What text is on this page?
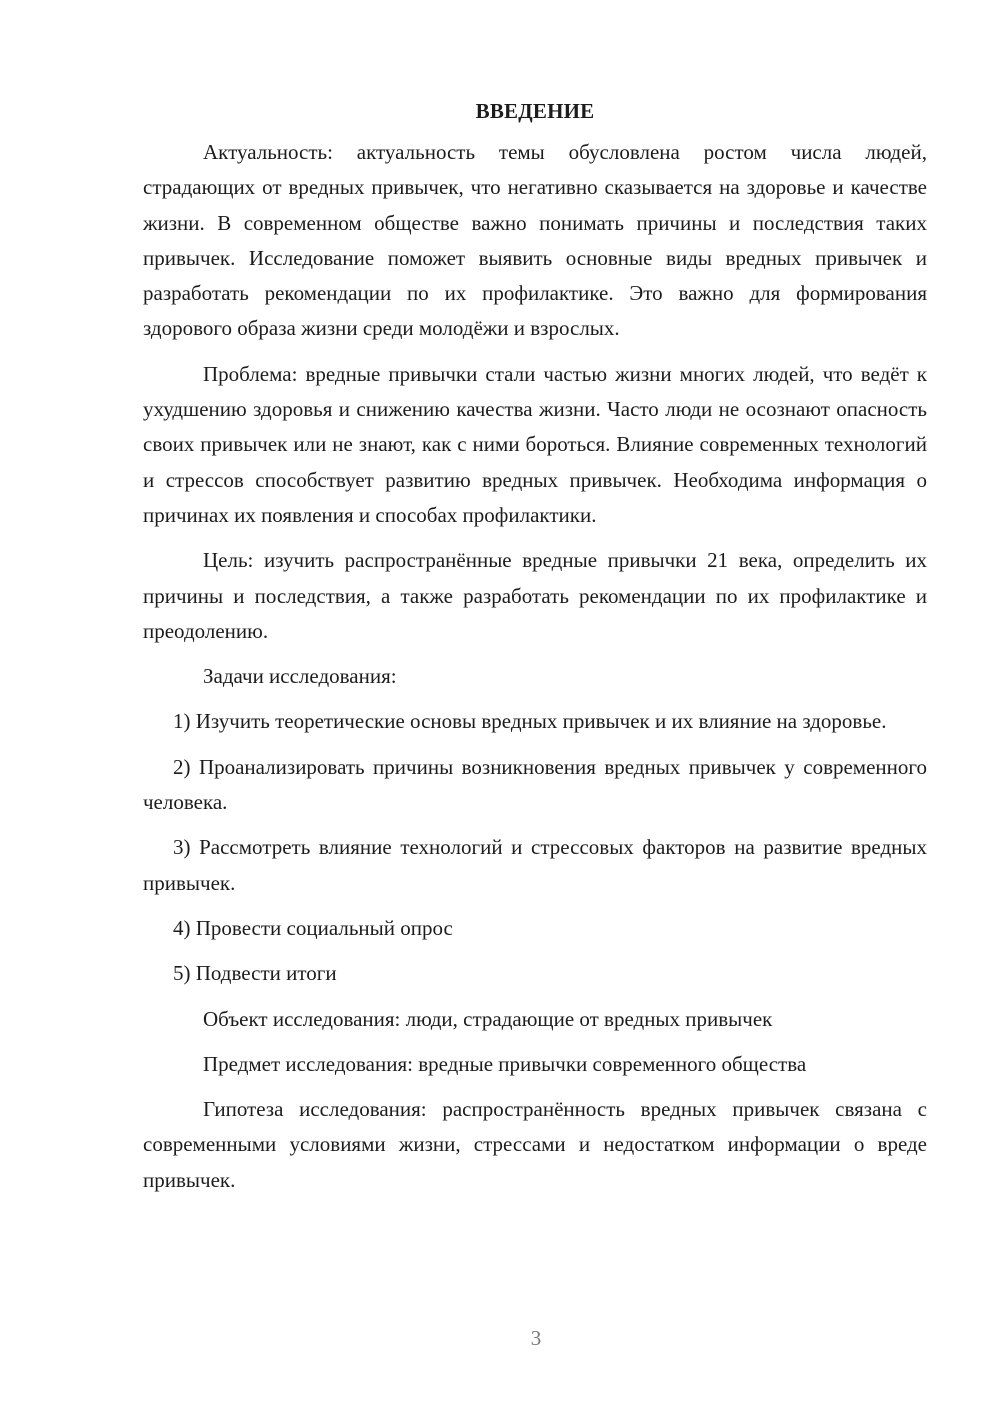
ВВЕДЕНИЕ

Актуальность: актуальность темы обусловлена ростом числа людей, страдающих от вредных привычек, что негативно сказывается на здоровье и качестве жизни. В современном обществе важно понимать причины и последствия таких привычек. Исследование поможет выявить основные виды вредных привычек и разработать рекомендации по их профилактике. Это важно для формирования здорового образа жизни среди молодёжи и взрослых.

Проблема: вредные привычки стали частью жизни многих людей, что ведёт к ухудшению здоровья и снижению качества жизни. Часто люди не осознают опасность своих привычек или не знают, как с ними бороться. Влияние современных технологий и стрессов способствует развитию вредных привычек. Необходима информация о причинах их появления и способах профилактики.

Цель: изучить распространённые вредные привычки 21 века, определить их причины и последствия, а также разработать рекомендации по их профилактике и преодолению.

Задачи исследования:

1) Изучить теоретические основы вредных привычек и их влияние на здоровье.

2) Проанализировать причины возникновения вредных привычек у современного человека.

3) Рассмотреть влияние технологий и стрессовых факторов на развитие вредных привычек.

4) Провести социальный опрос

5) Подвести итоги

Объект исследования: люди, страдающие от вредных привычек

Предмет исследования: вредные привычки современного общества

Гипотеза исследования: распространённость вредных привычек связана с современными условиями жизни, стрессами и недостатком информации о вреде привычек.

3
